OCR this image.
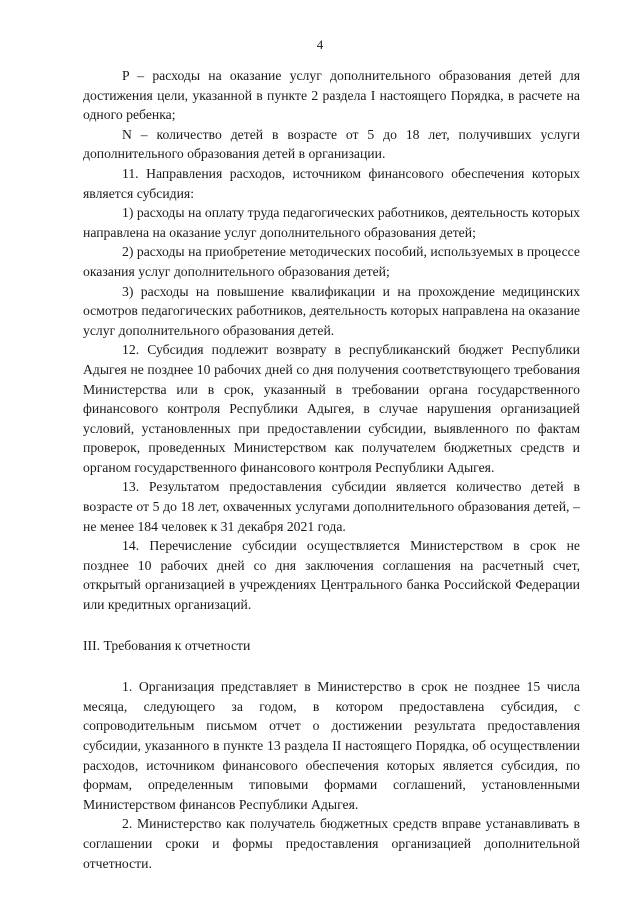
4

P – расходы на оказание услуг дополнительного образования детей для достижения цели, указанной в пункте 2 раздела I настоящего Порядка, в расчете на одного ребенка;

N – количество детей в возрасте от 5 до 18 лет, получивших услуги дополнительного образования детей в организации.

11. Направления расходов, источником финансового обеспечения которых является субсидия:

1) расходы на оплату труда педагогических работников, деятельность которых направлена на оказание услуг дополнительного образования детей;

2) расходы на приобретение методических пособий, используемых в процессе оказания услуг дополнительного образования детей;

3) расходы на повышение квалификации и на прохождение медицинских осмотров педагогических работников, деятельность которых направлена на оказание услуг дополнительного образования детей.

12. Субсидия подлежит возврату в республиканский бюджет Республики Адыгея не позднее 10 рабочих дней со дня получения соответствующего требования Министерства или в срок, указанный в требовании органа государственного финансового контроля Республики Адыгея, в случае нарушения организацией условий, установленных при предоставлении субсидии, выявленного по фактам проверок, проведенных Министерством как получателем бюджетных средств и органом государственного финансового контроля Республики Адыгея.

13. Результатом предоставления субсидии является количество детей в возрасте от 5 до 18 лет, охваченных услугами дополнительного образования детей, – не менее 184 человек к 31 декабря 2021 года.

14. Перечисление субсидии осуществляется Министерством в срок не позднее 10 рабочих дней со дня заключения соглашения на расчетный счет, открытый организацией в учреждениях Центрального банка Российской Федерации или кредитных организаций.

III. Требования к отчетности

1. Организация представляет в Министерство в срок не позднее 15 числа месяца, следующего за годом, в котором предоставлена субсидия, с сопроводительным письмом отчет о достижении результата предоставления субсидии, указанного в пункте 13 раздела II настоящего Порядка, об осуществлении расходов, источником финансового обеспечения которых является субсидия, по формам, определенным типовыми формами соглашений, установленными Министерством финансов Республики Адыгея.

2. Министерство как получатель бюджетных средств вправе устанавливать в соглашении сроки и формы предоставления организацией дополнительной отчетности.
